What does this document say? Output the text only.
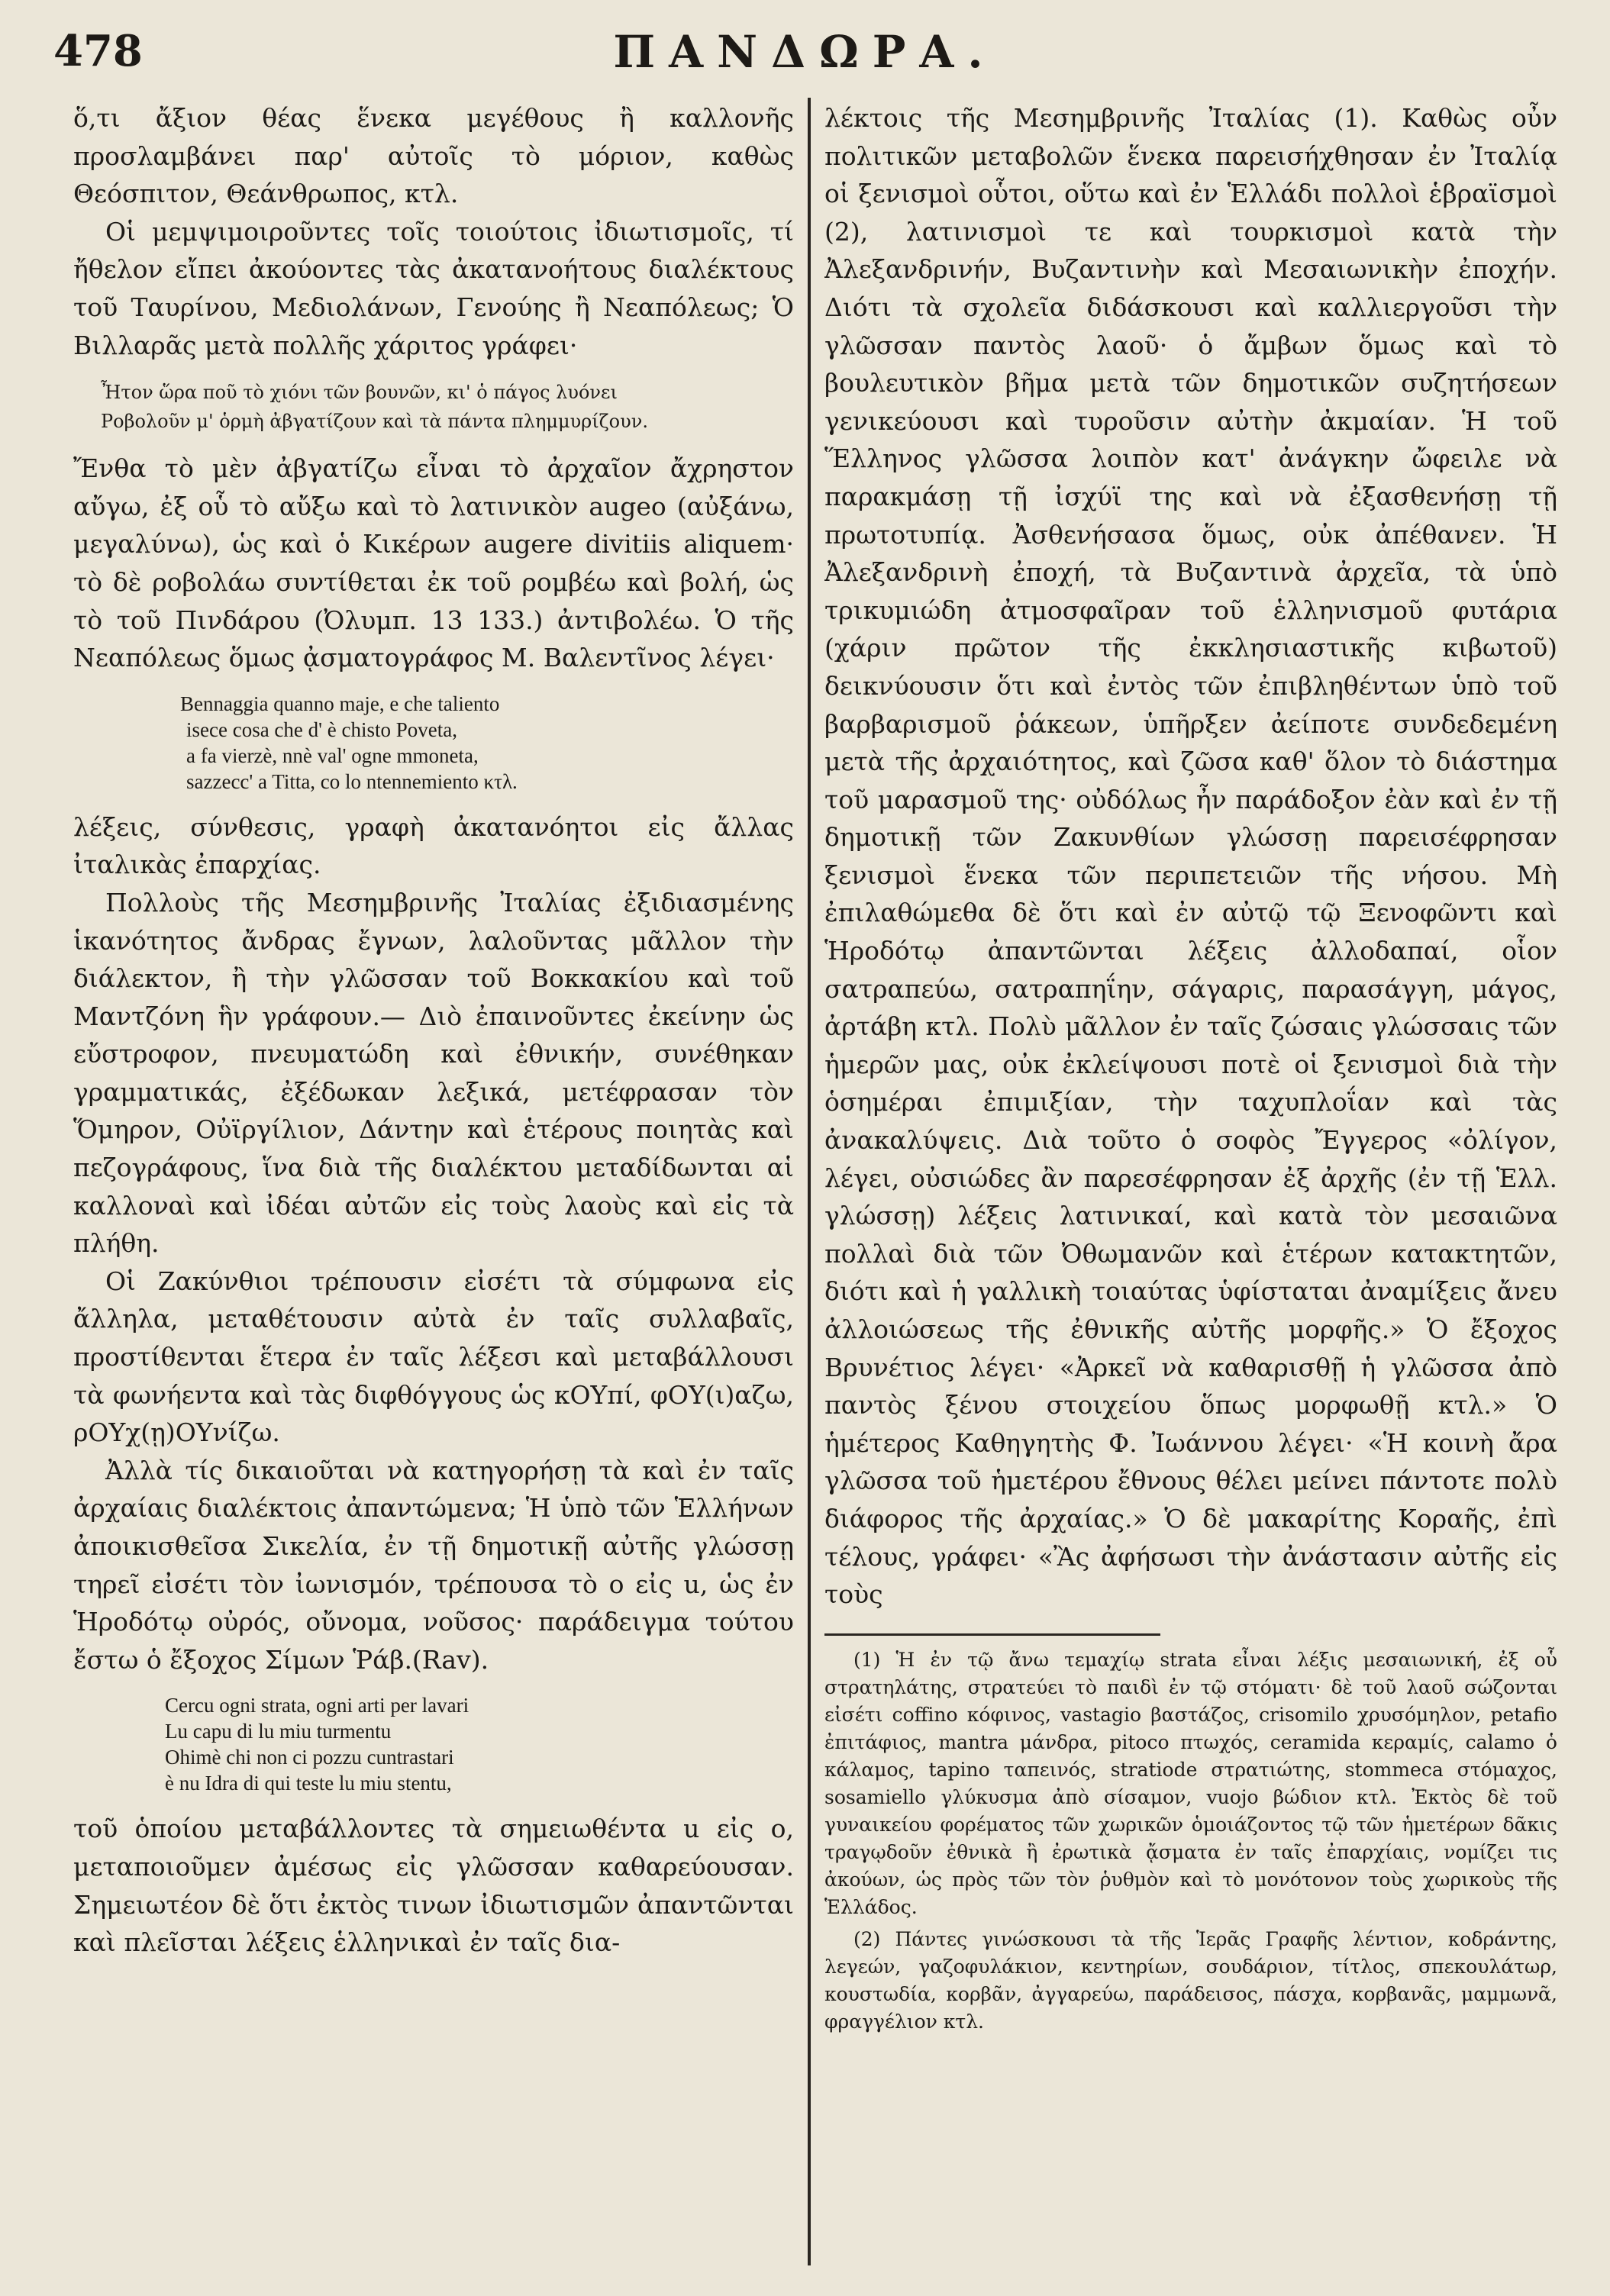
478	ΠΑΝΔΩΡΑ.

ὅ,τι ἄξιον θέας ἕνεκα μεγέθους ἢ καλλονῆς προσλαμβάνει παρ' αὐτοῖς τὸ μόριον, καθὼς Θεόσπιτον, Θεάνθρωπος, κτλ.

Οἱ μεμψιμοιροῦντες τοῖς τοιούτοις ἰδιωτισμοῖς, τί ἤθελον εἴπει ἀκούοντες τὰς ἀκατανοήτους διαλέκτους τοῦ Ταυρίνου, Μεδιολάνων, Γενούης ἢ Νεαπόλεως; Ὁ Βιλλαρᾶς μετὰ πολλῆς χάριτος γράφει·

Ἦτον ὥρα ποῦ τὸ χιόνι τῶν βουνῶν, κι' ὁ πάγος λυόνει
Ροβολοῦν μ' ὁρμὴ ἀβγατίζουν καὶ τὰ πάντα πλημμυρίζουν.

Ἔνθα τὸ μὲν ἀβγατίζω εἶναι τὸ ἀρχαῖον ἄχρηστον αὔγω, ἐξ οὗ τὸ αὔξω καὶ τὸ λατινικὸν augeo (αὐξάνω, μεγαλύνω), ὡς καὶ ὁ Κικέρων augere divitiis aliquem· τὸ δὲ ροβολάω συντίθεται ἐκ τοῦ ρομβέω καὶ βολή, ὡς τὸ τοῦ Πινδάρου (Ὀλυμπ. 13 133.) ἀντιβολέω. Ὁ τῆς Νεαπόλεως ὅμως ᾀσματογράφος Μ. Βαλεντῖνος λέγει·

Bennaggia quanno maje, e che taliento
isece cosa che d' è chisto Poveta,
a fa vierzè, nnè val' ogne mmoneta,
sazzecc' a Titta, co lo ntennemiento κτλ.

λέξεις, σύνθεσις, γραφὴ ἀκατανόητοι εἰς ἄλλας ἰταλικὰς ἐπαρχίας.

Πολλοὺς τῆς Μεσημβρινῆς Ἰταλίας ἐξιδιασμένης ἱκανότητος ἄνδρας ἔγνων, λαλοῦντας μᾶλλον τὴν διάλεκτον, ἢ τὴν γλῶσσαν τοῦ Βοκκακίου καὶ τοῦ Μαντζόνη ἣν γράφουν.— Διὸ ἐπαινοῦντες ἐκείνην ὡς εὔστροφον, πνευματώδη καὶ ἐθνικήν, συνέθηκαν γραμματικάς, ἐξέδωκαν λεξικά, μετέφρασαν τὸν Ὅμηρον, Οὐϊργίλιον, Δάντην καὶ ἑτέρους ποιητὰς καὶ πεζογράφους, ἵνα διὰ τῆς διαλέκτου μεταδίδωνται αἱ καλλοναὶ καὶ ἰδέαι αὐτῶν εἰς τοὺς λαοὺς καὶ εἰς τὰ πλήθη.

Οἱ Ζακύνθιοι τρέπουσιν εἰσέτι τὰ σύμφωνα εἰς ἄλληλα, μεταθέτουσιν αὐτὰ ἐν ταῖς συλλαβαῖς, προστίθενται ἕτερα ἐν ταῖς λέξεσι καὶ μεταβάλλουσι τὰ φωνήεντα καὶ τὰς διφθόγγους ὡς κΟΥπί, φΟΥ(ι)αζω, ρΟΥχ(ῃ)ΟΥνίζω.

Ἀλλὰ τίς δικαιοῦται νὰ κατηγορήσῃ τὰ καὶ ἐν ταῖς ἀρχαίαις διαλέκτοις ἀπαντώμενα; Ἡ ὑπὸ τῶν Ἑλλήνων ἀποικισθεῖσα Σικελία, ἐν τῇ δημοτικῇ αὐτῆς γλώσσῃ τηρεῖ εἰσέτι τὸν ἰωνισμόν, τρέπουσα τὸ ο εἰς u, ὡς ἐν Ἡροδότῳ οὐρός, οὔνομα, νοῦσος· παράδειγμα τούτου ἔστω ὁ ἔξοχος Σίμων Ῥάβ.(Rav).

Cercu ogni strata, ogni arti per lavari
Lu capu di lu miu turmentu
Ohimè chi non ci pozzu cuntrastari
è nu Idra di qui teste lu miu stentu,

τοῦ ὁποίου μεταβάλλοντες τὰ σημειωθέντα u εἰς ο, μεταποιοῦμεν ἀμέσως εἰς γλῶσσαν καθαρεύουσαν. Σημειωτέον δὲ ὅτι ἐκτὸς τινων ἰδιωτισμῶν ἀπαντῶνται καὶ πλεῖσται λέξεις ἑλληνικαὶ ἐν ταῖς δια-

λέκτοις τῆς Μεσημβρινῆς Ἰταλίας (1). Καθὼς οὖν πολιτικῶν μεταβολῶν ἕνεκα παρεισήχθησαν ἐν Ἰταλίᾳ οἱ ξενισμοὶ οὗτοι, οὕτω καὶ ἐν Ἑλλάδι πολλοὶ ἑβραϊσμοὶ (2), λατινισμοὶ τε καὶ τουρκισμοὶ κατὰ τὴν Ἀλεξανδρινήν, Βυζαντινὴν καὶ Μεσαιωνικὴν ἐποχήν. Διότι τὰ σχολεῖα διδάσκουσι καὶ καλλιεργοῦσι τὴν γλῶσσαν παντὸς λαοῦ· ὁ ἄμβων ὅμως καὶ τὸ βουλευτικὸν βῆμα μετὰ τῶν δημοτικῶν συζητήσεων γενικεύουσι καὶ τυροῦσιν αὐτὴν ἀκμαίαν. Ἡ τοῦ Ἕλληνος γλῶσσα λοιπὸν κατ' ἀνάγκην ὤφειλε νὰ παρακμάσῃ τῇ ἰσχύϊ της καὶ νὰ ἐξασθενήσῃ τῇ πρωτοτυπίᾳ. Ἀσθενήσασα ὅμως, οὐκ ἀπέθανεν. Ἡ Ἀλεξανδρινὴ ἐποχή, τὰ Βυζαντινὰ ἀρχεῖα, τὰ ὑπὸ τρικυμιώδη ἀτμοσφαῖραν τοῦ ἑλληνισμοῦ φυτάρια (χάριν πρῶτον τῆς ἐκκλησιαστικῆς κιβωτοῦ) δεικνύουσιν ὅτι καὶ ἐντὸς τῶν ἐπιβληθέντων ὑπὸ τοῦ βαρβαρισμοῦ ῥάκεων, ὑπῆρξεν ἀείποτε συνδεδεμένη μετὰ τῆς ἀρχαιότητος, καὶ ζῶσα καθ' ὅλον τὸ διάστημα τοῦ μαρασμοῦ της· οὐδόλως ἦν παράδοξον ἐὰν καὶ ἐν τῇ δημοτικῇ τῶν Ζακυνθίων γλώσσῃ παρεισέφρησαν ξενισμοὶ ἕνεκα τῶν περιπετειῶν τῆς νήσου. Μὴ ἐπιλαθώμεθα δὲ ὅτι καὶ ἐν αὐτῷ τῷ Ξενοφῶντι καὶ Ἡροδότῳ ἀπαντῶνται λέξεις ἀλλοδαπαί, οἷον σατραπεύω, σατραπηΐην, σάγαρις, παρασάγγη, μάγος, ἀρτάβη κτλ. Πολὺ μᾶλλον ἐν ταῖς ζώσαις γλώσσαις τῶν ἡμερῶν μας, οὐκ ἐκλείψουσι ποτὲ οἱ ξενισμοὶ διὰ τὴν ὁσημέραι ἐπιμιξίαν, τὴν ταχυπλοΐαν καὶ τὰς ἀνακαλύψεις. Διὰ τοῦτο ὁ σοφὸς Ἔγγερος «ὀλίγον, λέγει, οὐσιώδες ἂν παρεσέφρησαν ἐξ ἀρχῆς (ἐν τῇ Ἑλλ. γλώσσῃ) λέξεις λατινικαί, καὶ κατὰ τὸν μεσαιῶνα πολλαὶ διὰ τῶν Ὀθωμανῶν καὶ ἑτέρων κατακτητῶν, διότι καὶ ἡ γαλλικὴ τοιαύτας ὑφίσταται ἀναμίξεις ἄνευ ἀλλοιώσεως τῆς ἐθνικῆς αὐτῆς μορφῆς.» Ὁ ἔξοχος Βρυνέτιος λέγει· «Ἀρκεῖ νὰ καθαρισθῇ ἡ γλῶσσα ἀπὸ παντὸς ξένου στοιχείου ὅπως μορφωθῇ κτλ.» Ὁ ἡμέτερος Καθηγητὴς Φ. Ἰωάννου λέγει· «Ἡ κοινὴ ἄρα γλῶσσα τοῦ ἡμετέρου ἔθνους θέλει μείνει πάντοτε πολὺ διάφορος τῆς ἀρχαίας.» Ὁ δὲ μακαρίτης Κοραῆς, ἐπὶ τέλους, γράφει· «Ἂς ἀφήσωσι τὴν ἀνάστασιν αὐτῆς εἰς τοὺς

(1) Ἡ ἐν τῷ ἄνω τεμαχίῳ strata εἶναι λέξις μεσαιωνική, ἐξ οὗ στρατηλάτης, στρατεύει τὸ παιδὶ ἐν τῷ στόματι· δὲ τοῦ λαοῦ σώζονται εἰσέτι coffino κόφινος, vastagio βαστάζος, crisomilo χρυσόμηλον, petafio ἐπιτάφιος, mantra μάνδρα, pitoco πτωχός, ceramida κεραμίς, calamo ὁ κάλαμος, tapino ταπεινός, stratiode στρατιώτης, stommeca στόμαχος, sosamiello γλύκυσμα ἀπὸ σίσαμον, vuojo βώδιον κτλ. Ἐκτὸς δὲ τοῦ γυναικείου φορέματος τῶν χωρικῶν ὁμοιάζοντος τῷ τῶν ἡμετέρων δᾶκις τραγῳδοῦν ἐθνικὰ ἢ ἐρωτικὰ ᾄσματα ἐν ταῖς ἐπαρχίαις, νομίζει τις ἀκούων, ὡς πρὸς τῶν τὸν ῥυθμὸν καὶ τὸ μονότονον τοὺς χωρικοὺς τῆς Ἑλλάδος.

(2) Πάντες γινώσκουσι τὰ τῆς Ἱερᾶς Γραφῆς λέντιον, κοδράντης, λεγεών, γαζοφυλάκιον, κεντηρίων, σουδάριον, τίτλος, σπεκουλάτωρ, κουστωδία, κορβᾶν, ἀγγαρεύω, παράδεισος, πάσχα, κορβανᾶς, μαμμωνᾶ, φραγγέλιον κτλ.
